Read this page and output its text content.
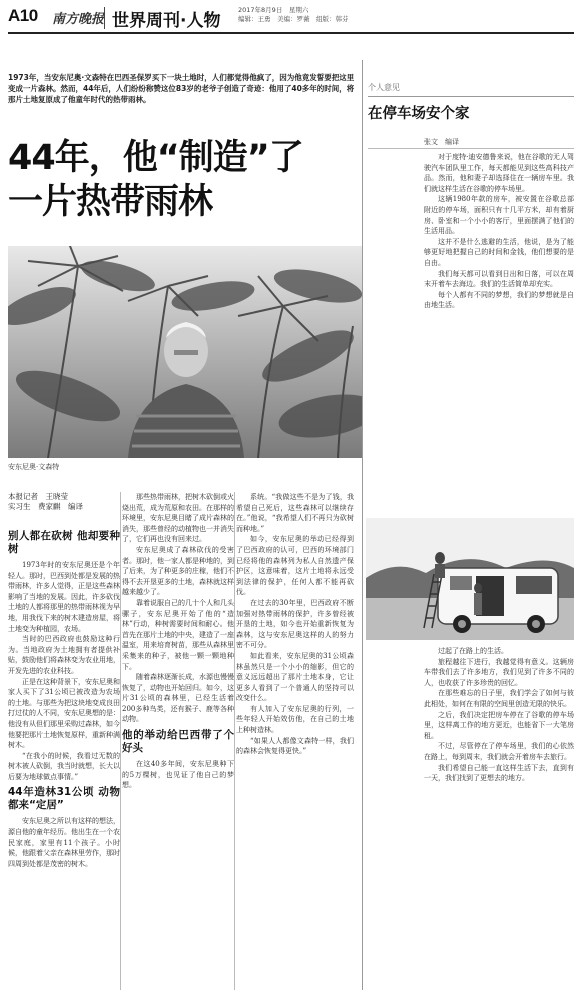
A10 南方晚报 世界周刊·人物
2017年8月9日　星期六
编辑：王勇　美编：罗薇　组版：韩芬
1973年，当安东尼奥·文森特在巴西圣保罗买下一块土地时，人们都觉得他疯了，因为他竟发誓要把这里变成一片森林。然而，44年后，人们纷纷称赞这位83岁的老爷子创造了奇迹：他用了40多年的时间，将那片土地复原成了他童年时代的热带雨林。
44年，他“制造”了
一片热带雨林
安东尼奥·文森特
本报记者　王晓莹
实习生　费家麒　编译
别人都在砍树 他却要种树

1973年时的安东尼奥还是个年轻人。那时，巴西到处都是发展的热带雨林，许多人觉得，正是这些森林影响了当地的发展。因此，许多砍伐土地的人都将那里的热带雨林视为早地，用我伐下来的树木建造房屋，将土地变为种植园，农场。

当时的巴西政府也鼓励这种行为。当地政府为土地拥有者提供补贴，鼓励他们将森林变为农业用地，开发先进的农业科技。

正是在这种背景下，安东尼奥和家人买下了31公顷已被改造为农场的土地。与那些为把这块地变成良田打过仗的人不同，安东尼奥想的是：他没有从但们那里采购过森林，如今他要把那片土地恢复原样，重新种满树木。

“在我小的时候，我看过无数的树木被人砍倒，我当时就想，长大以后要为地球做点事情。”

44年造林31公顷 动物都来“定居”

安东尼奥之所以有这样的想法，源自他的童年经历。他出生在一个农民家庭，家里有11个孩子。小时候，他跟着父亲在森林里劳作，那时四周到处都是茂密的树木。

那些热带雨林，把树木砍倒或火烧出荒，成为荒原和农田。在那样的环境里，安东尼奥目睹了成片森林的消失，那些曾经的动植物也一并消失了，它们再也没有回来过。

安东尼奥成了森林砍伐的受害者。那时，他一家人都是种地的，到了后来，为了种更多的庄稼，他们不得不去开垦更多的土地，森林就这样越来越少了。

靠着说服自己的几十个人和几头骡子，安东尼奥开始了他的“造林”行动，种树需要时间和耐心。他首先在那片土地的中央，建造了一座温室，用来培育树苗，那些从森林里采集来的种子，被他一颗一颗地种下。

随着森林逐渐长成，水源也慢慢恢复了，动物也开始回归。如今，这片31公顷的森林里，已经生活着200多种鸟类，还有猴子、鹿等各种动物。

他的举动给巴西带了个好头

在这40多年间，安东尼奥种下的5万棵树，也见证了他自己的梦想。

系统。“我做这些不是为了钱，我希望自己死后，这些森林可以继续存在。”他说，“我希望人们不再只为砍树而种地。”

如今，安东尼奥的举动已经得到了巴西政府的认可，巴西的环境部门已经将他的森林列为私人自然遗产保护区，这意味着，这片土地将永远受到法律的保护，任何人都不能再砍伐。

在过去的30年里，巴西政府不断加强对热带雨林的保护，许多曾经被开垦的土地，如今也开始重新恢复为森林，这与安东尼奥这样的人的努力密不可分。

如此看来，安东尼奥的31公顷森林虽然只是一个小小的缩影，但它的意义远远超出了那片土地本身，它让更多人看到了一个普通人的坚持可以改变什么。

有人加入了安东尼奥的行列，一些年轻人开始效仿他，在自己的土地上种树造林。

“如果人人都像文森特一样，我们的森林会恢复得更快。”

个人意见
在停车场安个家
张文　编译

对于度特·迪安德鲁来说，他在谷歌的无人驾驶汽车团队里工作，每天都能见到这些高科技产品。然而，他和妻子却选择住在一辆房车里。我们就这样生活在谷歌的停车场里。

这辆1980年款的房车，被安置在谷歌总部附近的停车场，面积只有十几平方米，却有着厨房、卧室和一个小小的客厅，里面摆满了他们的生活用品。

这并不是什么逃避的生活，他说，是为了能够更好地把握自己的时间和金钱，他们想要的是自由。

我们每天都可以看到日出和日落，可以在周末开着车去海边。我们的生活简单却充实。

每个人都有不同的梦想，我们的梦想就是自由地生活。

过起了在路上的生活。

旅程越往下进行，我越觉得有意义。这辆房车带我们去了许多地方，我们见到了许多不同的人，也收获了许多珍贵的回忆。

在那些难忘的日子里，我们学会了如何与彼此相处，如何在有限的空间里创造无限的快乐。

之后，我们决定把房车停在了谷歌的停车场里，这样离工作的地方更近，也能省下一大笔房租。

不过，尽管停在了停车场里，我们的心依然在路上，每到周末，我们就会开着房车去旅行。

我们希望自己能一直这样生活下去，直到有一天，我们找到了更想去的地方。
